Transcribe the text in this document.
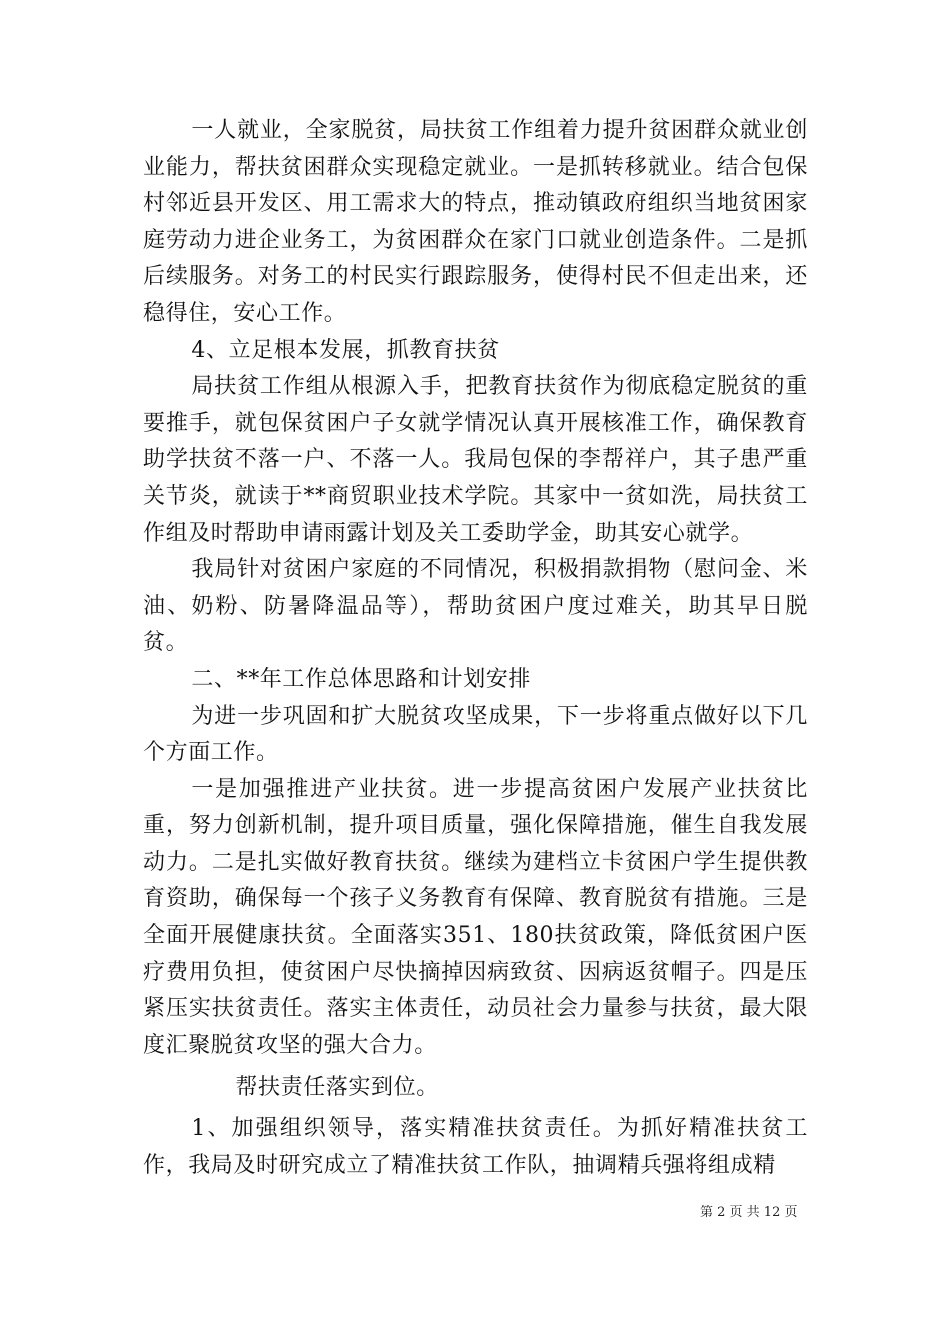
一人就业，全家脱贫，局扶贫工作组着力提升贫困群众就业创业能力，帮扶贫困群众实现稳定就业。一是抓转移就业。结合包保村邻近县开发区、用工需求大的特点，推动镇政府组织当地贫困家庭劳动力进企业务工，为贫困群众在家门口就业创造条件。二是抓后续服务。对务工的村民实行跟踪服务，使得村民不但走出来，还稳得住，安心工作。

4、立足根本发展，抓教育扶贫

局扶贫工作组从根源入手，把教育扶贫作为彻底稳定脱贫的重要推手，就包保贫困户子女就学情况认真开展核准工作，确保教育助学扶贫不落一户、不落一人。我局包保的李帮祥户，其子患严重关节炎，就读于**商贸职业技术学院。其家中一贫如洗，局扶贫工作组及时帮助申请雨露计划及关工委助学金，助其安心就学。

我局针对贫困户家庭的不同情况，积极捐款捐物（慰问金、米油、奶粉、防暑降温品等），帮助贫困户度过难关，助其早日脱贫。

二、**年工作总体思路和计划安排

为进一步巩固和扩大脱贫攻坚成果，下一步将重点做好以下几个方面工作。

一是加强推进产业扶贫。进一步提高贫困户发展产业扶贫比重，努力创新机制，提升项目质量，强化保障措施，催生自我发展动力。二是扎实做好教育扶贫。继续为建档立卡贫困户学生提供教育资助，确保每一个孩子义务教育有保障、教育脱贫有措施。三是全面开展健康扶贫。全面落实351、180扶贫政策，降低贫困户医疗费用负担，使贫困户尽快摘掉因病致贫、因病返贫帽子。四是压紧压实扶贫责任。落实主体责任，动员社会力量参与扶贫，最大限度汇聚脱贫攻坚的强大合力。

帮扶责任落实到位。

1、加强组织领导，落实精准扶贫责任。为抓好精准扶贫工作，我局及时研究成立了精准扶贫工作队，抽调精兵强将组成精

第 2 页 共 12 页
